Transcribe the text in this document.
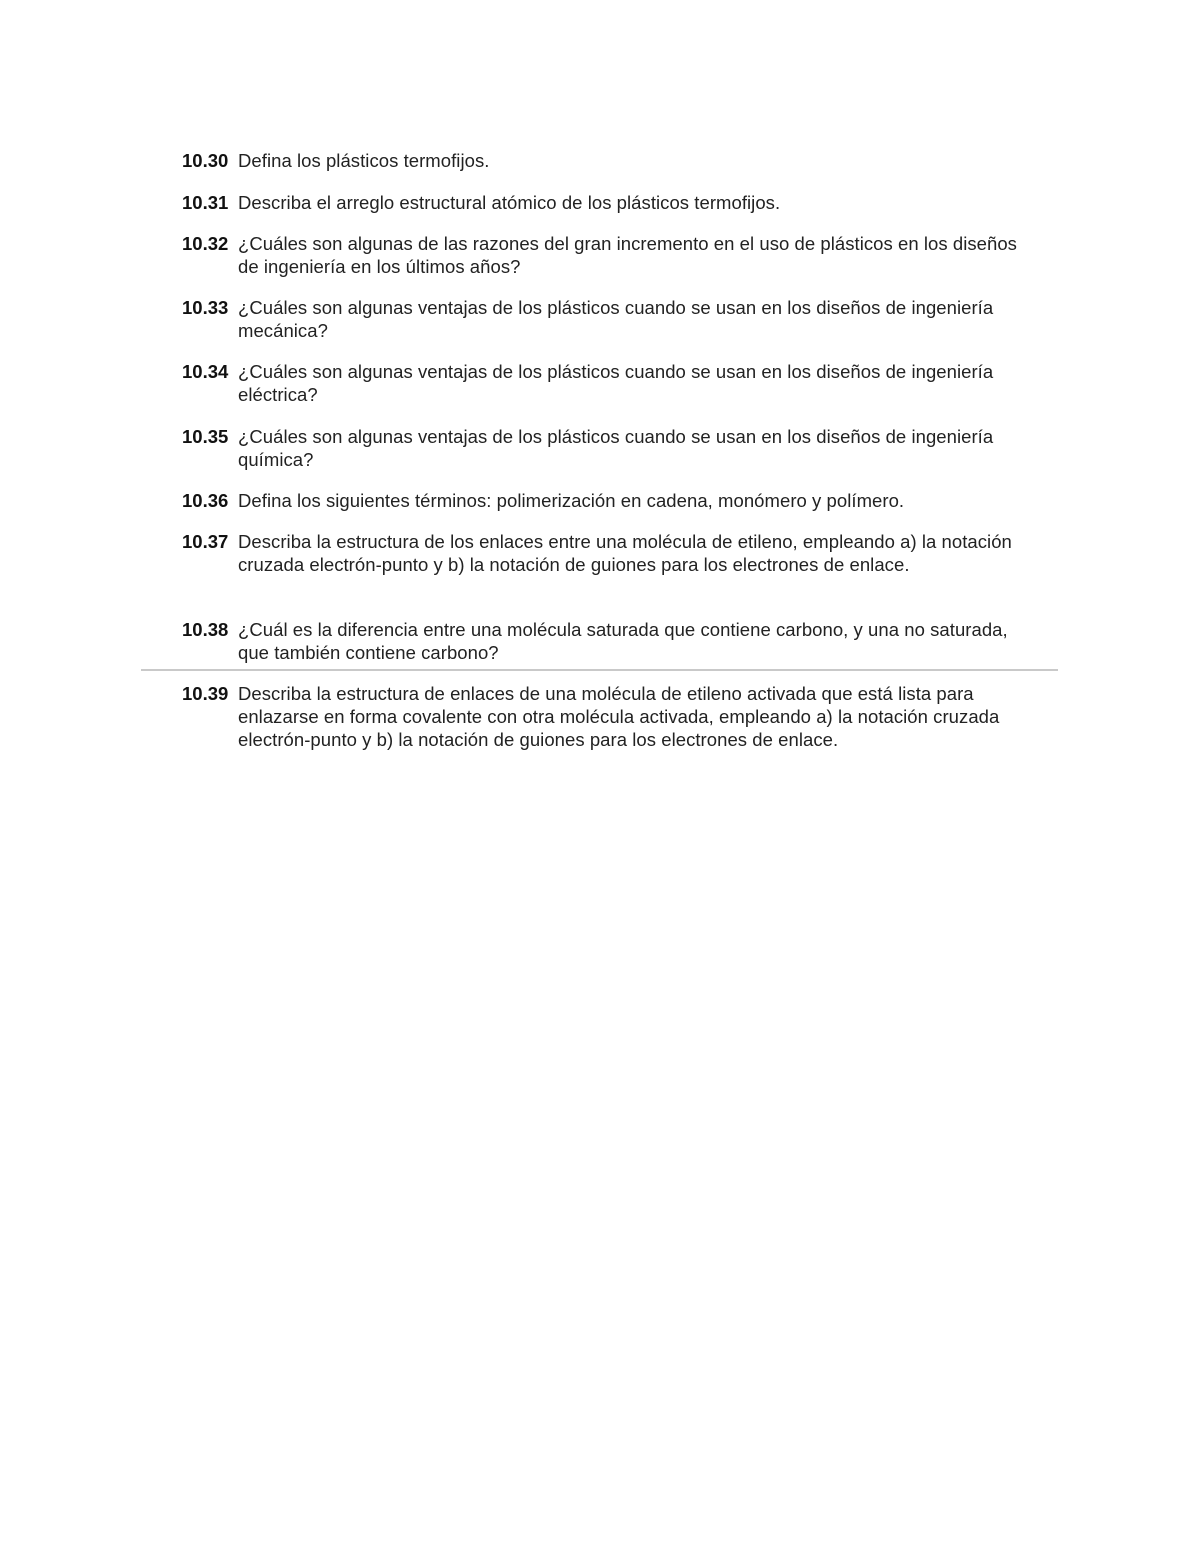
10.30 Defina los plásticos termofijos.
10.31 Describa el arreglo estructural atómico de los plásticos termofijos.
10.32 ¿Cuáles son algunas de las razones del gran incremento en el uso de plásticos en los diseños de ingeniería en los últimos años?
10.33 ¿Cuáles son algunas ventajas de los plásticos cuando se usan en los diseños de ingeniería mecánica?
10.34 ¿Cuáles son algunas ventajas de los plásticos cuando se usan en los diseños de ingeniería eléctrica?
10.35 ¿Cuáles son algunas ventajas de los plásticos cuando se usan en los diseños de ingeniería química?
10.36 Defina los siguientes términos: polimerización en cadena, monómero y polímero.
10.37 Describa la estructura de los enlaces entre una molécula de etileno, empleando a) la notación cruzada electrón-punto y b) la notación de guiones para los electrones de enlace.
10.38 ¿Cuál es la diferencia entre una molécula saturada que contiene carbono, y una no saturada, que también contiene carbono?
10.39 Describa la estructura de enlaces de una molécula de etileno activada que está lista para enlazarse en forma covalente con otra molécula activada, empleando a) la notación cruzada electrón-punto y b) la notación de guiones para los electrones de enlace.
